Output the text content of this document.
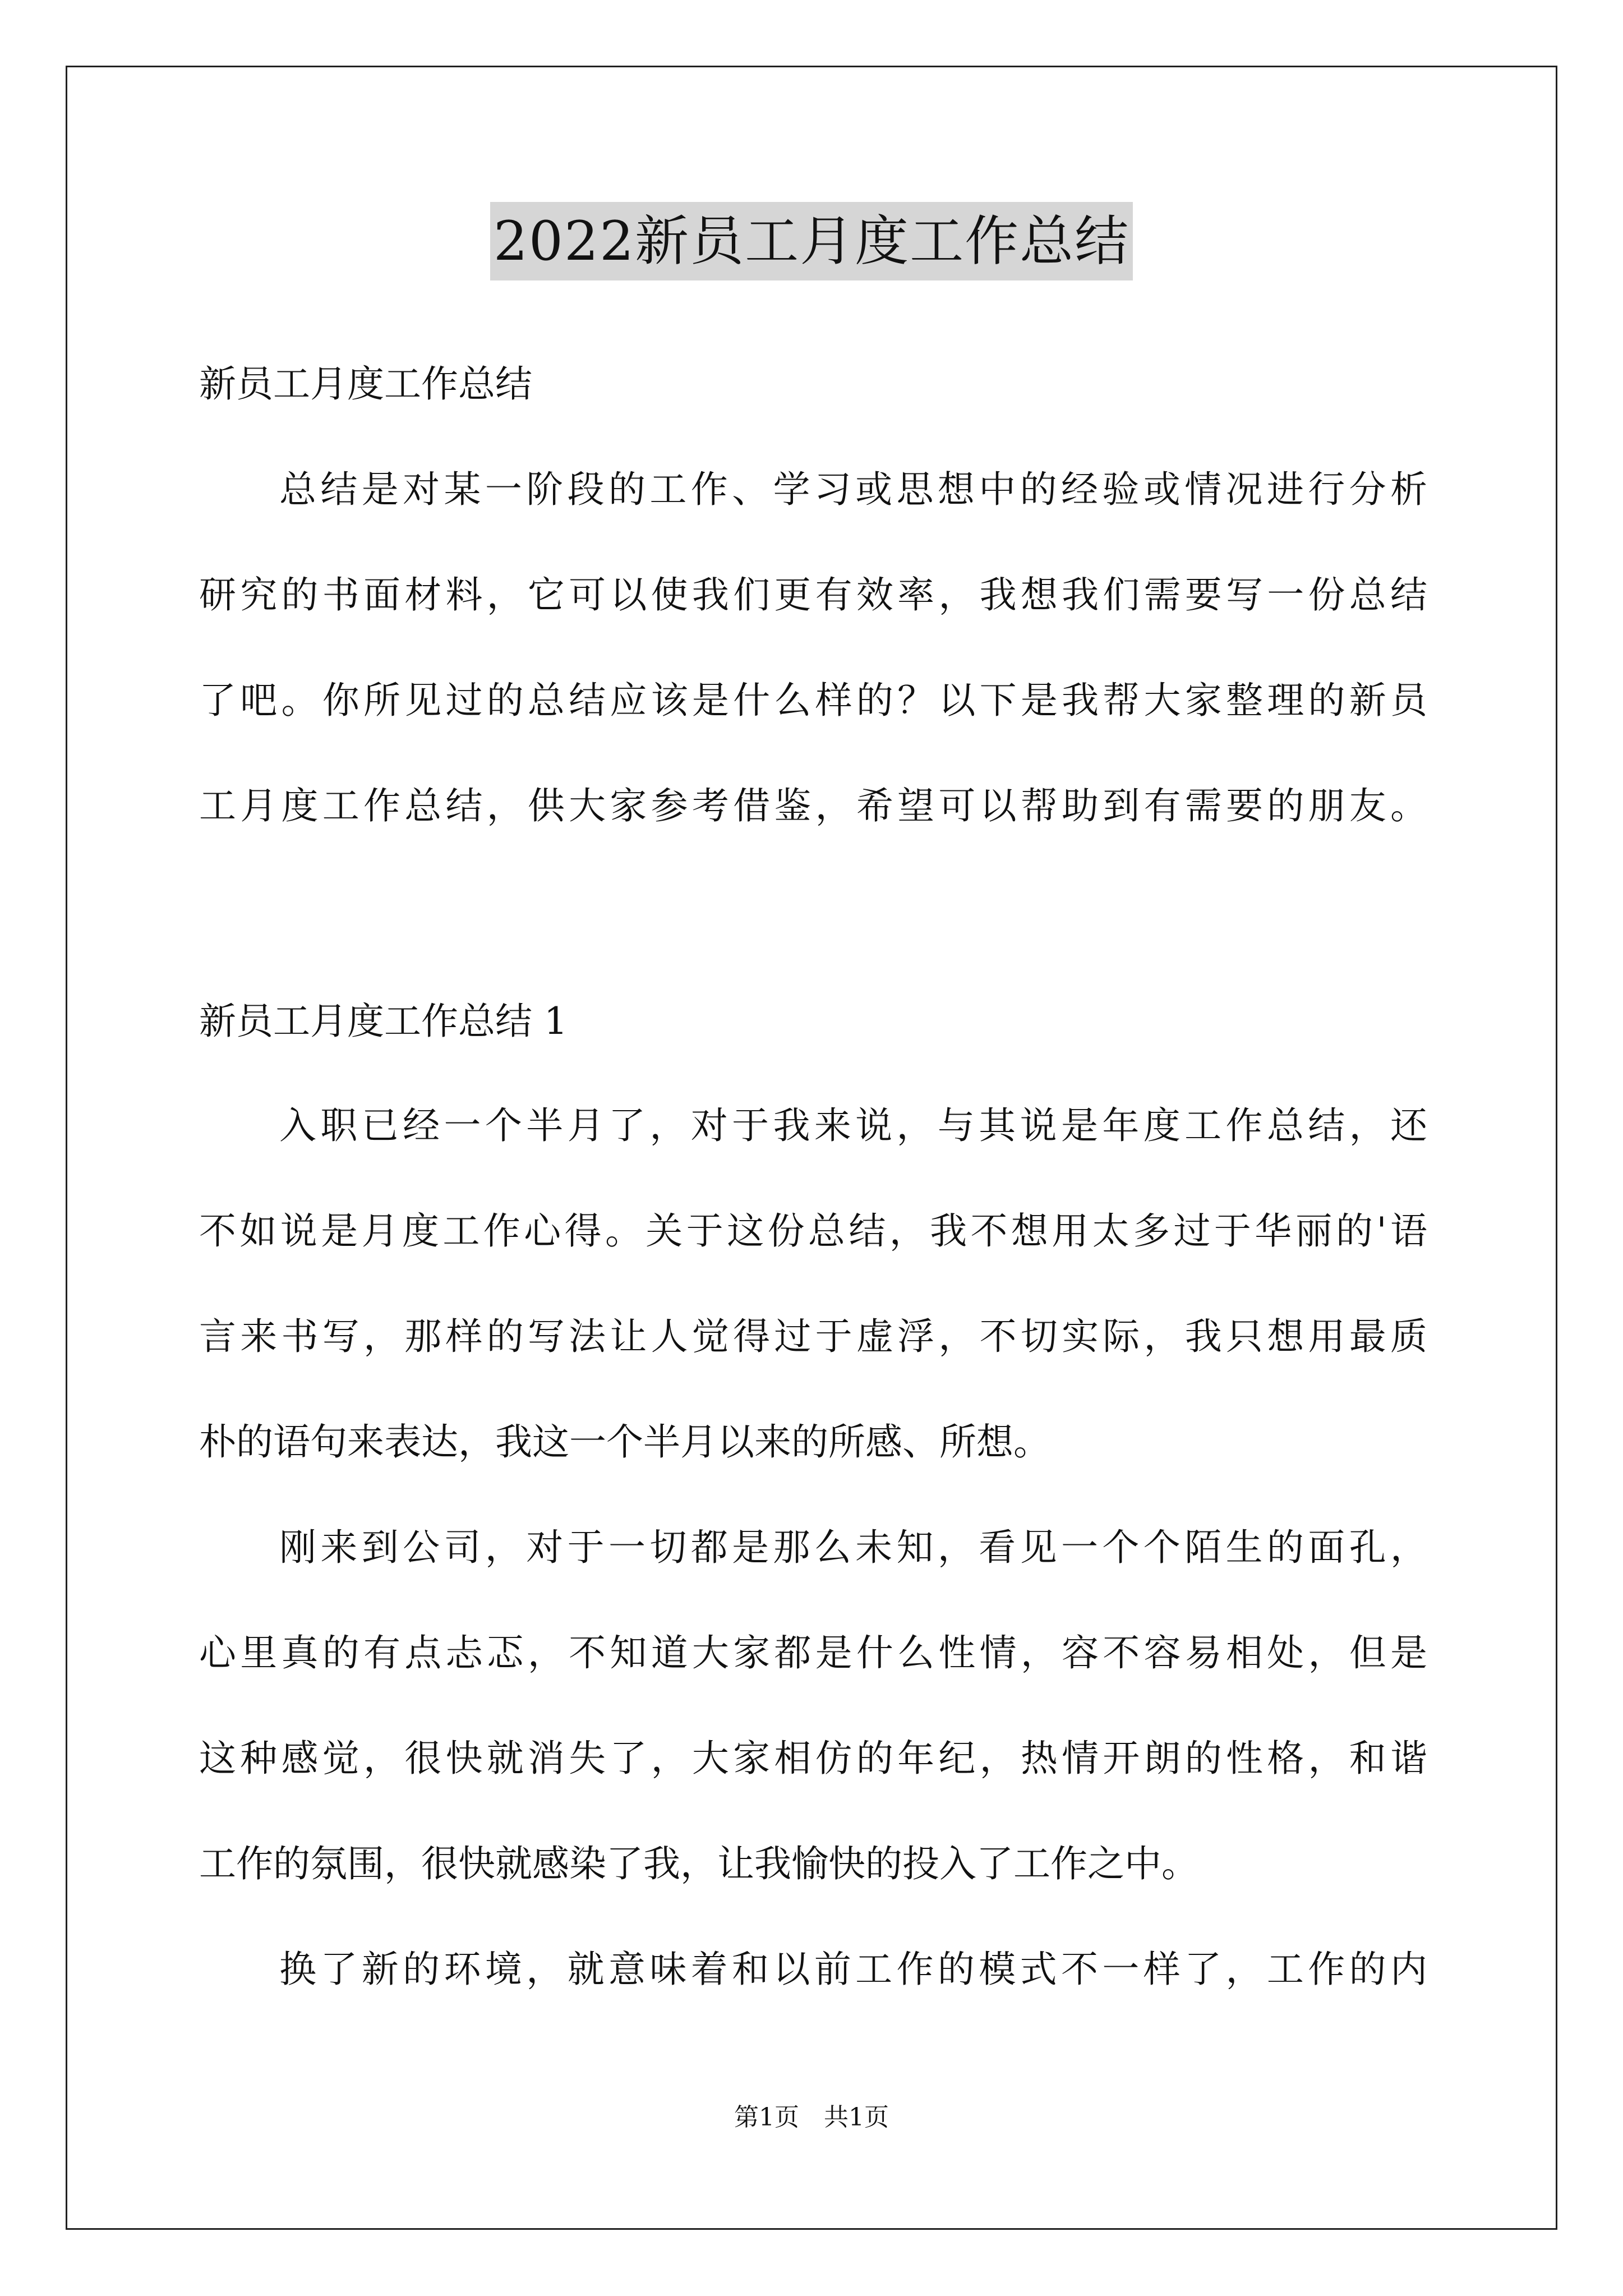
2022新员工月度工作总结
新员工月度工作总结
总结是对某一阶段的工作、学习或思想中的经验或情况进行分析
研究的书面材料，它可以使我们更有效率，我想我们需要写一份总结
了吧。你所见过的总结应该是什么样的？以下是我帮大家整理的新员
工月度工作总结，供大家参考借鉴，希望可以帮助到有需要的朋友。
新员工月度工作总结 1
入职已经一个半月了，对于我来说，与其说是年度工作总结，还
不如说是月度工作心得。关于这份总结，我不想用太多过于华丽的'语
言来书写，那样的写法让人觉得过于虚浮，不切实际，我只想用最质
朴的语句来表达，我这一个半月以来的所感、所想。
刚来到公司，对于一切都是那么未知，看见一个个陌生的面孔，
心里真的有点忐忑，不知道大家都是什么性情，容不容易相处，但是
这种感觉，很快就消失了，大家相仿的年纪，热情开朗的性格，和谐
工作的氛围，很快就感染了我，让我愉快的投入了工作之中。
换了新的环境，就意味着和以前工作的模式不一样了，工作的内
第1页 共1页
